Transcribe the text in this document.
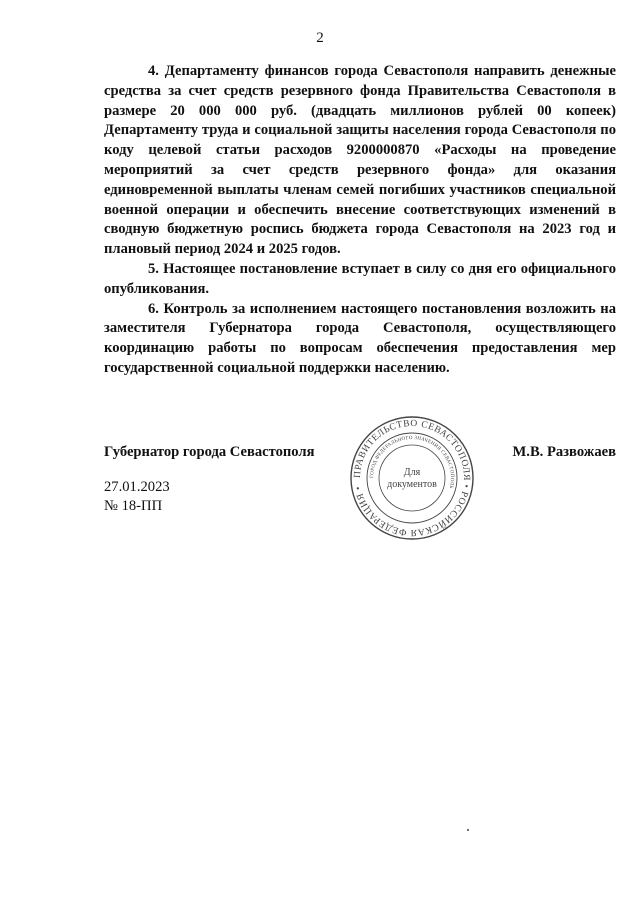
2

4. Департаменту финансов города Севастополя направить денежные средства за счет средств резервного фонда Правительства Севастополя в размере 20 000 000 руб. (двадцать миллионов рублей 00 копеек) Департаменту труда и социальной защиты населения города Севастополя по коду целевой статьи расходов 9200000870 «Расходы на проведение мероприятий за счет средств резервного фонда» для оказания единовременной выплаты членам семей погибших участников специальной военной операции и обеспечить внесение соответствующих изменений в сводную бюджетную роспись бюджета города Севастополя на 2023 год и плановый период 2024 и 2025 годов.

5. Настоящее постановление вступает в силу со дня его официального опубликования.

6. Контроль за исполнением настоящего постановления возложить на заместителя Губернатора города Севастополя, осуществляющего координацию работы по вопросам обеспечения предоставления мер государственной социальной поддержки населению.

Губернатор города Севастополя	М.В. Развожаев
27.01.2023
№ 18-ПП
ПРАВИТЕЛЬСТВО СЕВАСТОПОЛЯ • РОССИЙСКАЯ ФЕДЕРАЦИЯ •
ГОРОД ФЕДЕРАЛЬНОГО ЗНАЧЕНИЯ СЕВАСТОПОЛЬ
Для
документов
